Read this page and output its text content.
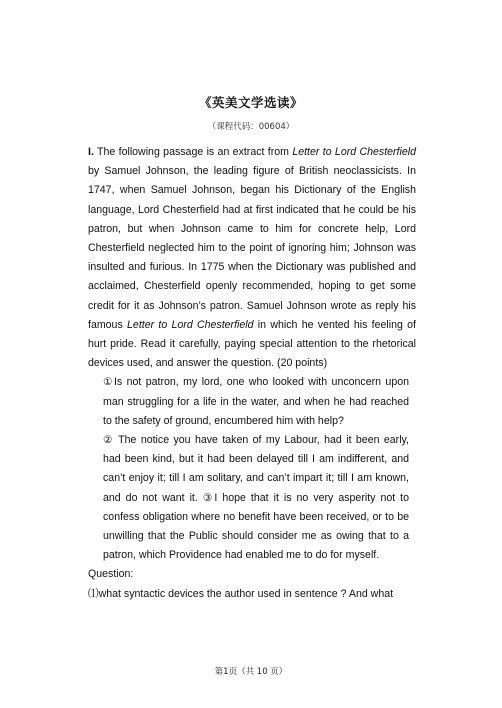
《英美文学选读》
（课程代码：00604）

I. The following passage is an extract from Letter to Lord Chesterfield by Samuel Johnson, the leading figure of British neoclassicists. In 1747, when Samuel Johnson, began his Dictionary of the English language, Lord Chesterfield had at first indicated that he could be his patron, but when Johnson came to him for concrete help, Lord Chesterfield neglected him to the point of ignoring him; Johnson was insulted and furious. In 1775 when the Dictionary was published and acclaimed, Chesterfield openly recommended, hoping to get some credit for it as Johnson’s patron. Samuel Johnson wrote as reply his famous Letter to Lord Chesterfield in which he vented his feeling of hurt pride. Read it carefully, paying special attention to the rhetorical devices used, and answer the question. (20 points)

①Is not patron, my lord, one who looked with unconcern upon man struggling for a life in the water, and when he had reached to the safety of ground, encumbered him with help?
② The notice you have taken of my Labour, had it been early, had been kind, but it had been delayed till I am indifferent, and can’t enjoy it; till I am solitary, and can’t impart it; till I am known, and do not want it. ③I hope that it is no very asperity not to confess obligation where no benefit have been received, or to be unwilling that the Public should consider me as owing that to a patron, which Providence had enabled me to do for myself.

Question:

⑴what syntactic devices the author used in sentence ? And what

第1页（共 10 页）
